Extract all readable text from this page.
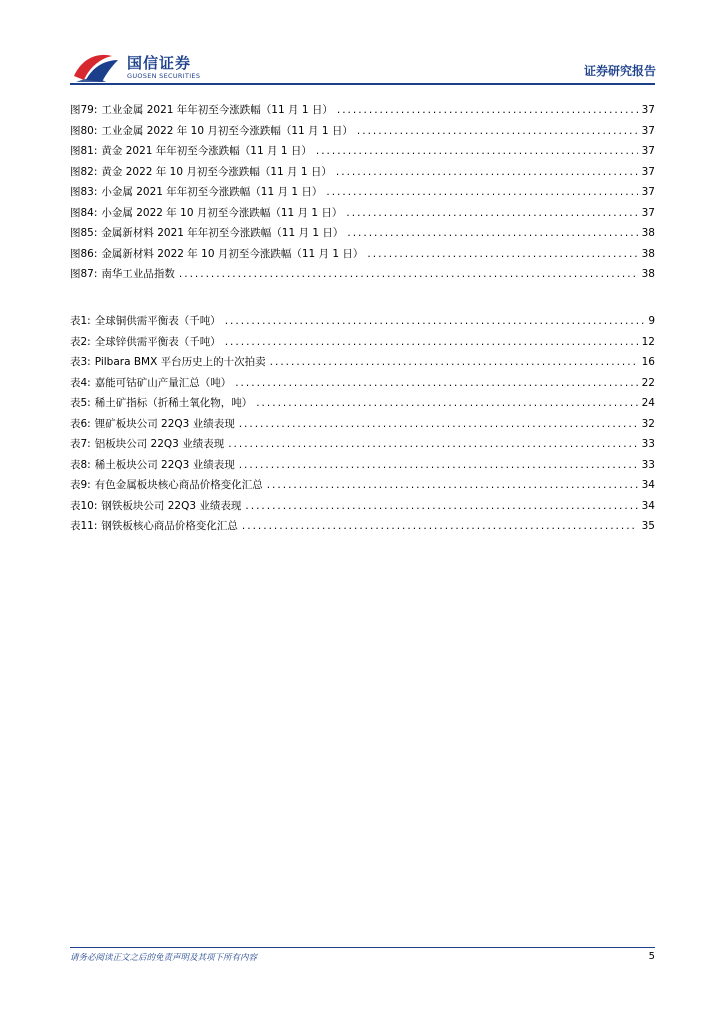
国信证券
GUOSEN SECURITIES	证券研究报告
图79: 工业金属 2021 年年初至今涨跌幅（11 月 1 日） .....	37
图80: 工业金属 2022 年 10 月初至今涨跌幅（11 月 1 日） .....	37
图81: 黄金 2021 年年初至今涨跌幅（11 月 1 日） .....	37
图82: 黄金 2022 年 10 月初至今涨跌幅（11 月 1 日） .....	37
图83: 小金属 2021 年年初至今涨跌幅（11 月 1 日） .....	37
图84: 小金属 2022 年 10 月初至今涨跌幅（11 月 1 日） .....	37
图85: 金属新材料 2021 年年初至今涨跌幅（11 月 1 日） .....	38
图86: 金属新材料 2022 年 10 月初至今涨跌幅（11 月 1 日） .....	38
图87: 南华工业品指数 .....	38
表1: 全球铜供需平衡表（千吨） .....	9
表2: 全球锌供需平衡表（千吨） .....	12
表3: Pilbara BMX 平台历史上的十次拍卖 .....	16
表4: 嘉能可钴矿山产量汇总（吨） .....	22
表5: 稀土矿指标（折稀土氧化物，吨） .....	24
表6: 锂矿板块公司 22Q3 业绩表现 .....	32
表7: 铝板块公司 22Q3 业绩表现 .....	33
表8: 稀土板块公司 22Q3 业绩表现 .....	33
表9: 有色金属板块核心商品价格变化汇总 .....	34
表10: 钢铁板块公司 22Q3 业绩表现 .....	34
表11: 钢铁板核心商品价格变化汇总 .....	35
请务必阅读正文之后的免责声明及其项下所有内容	5
